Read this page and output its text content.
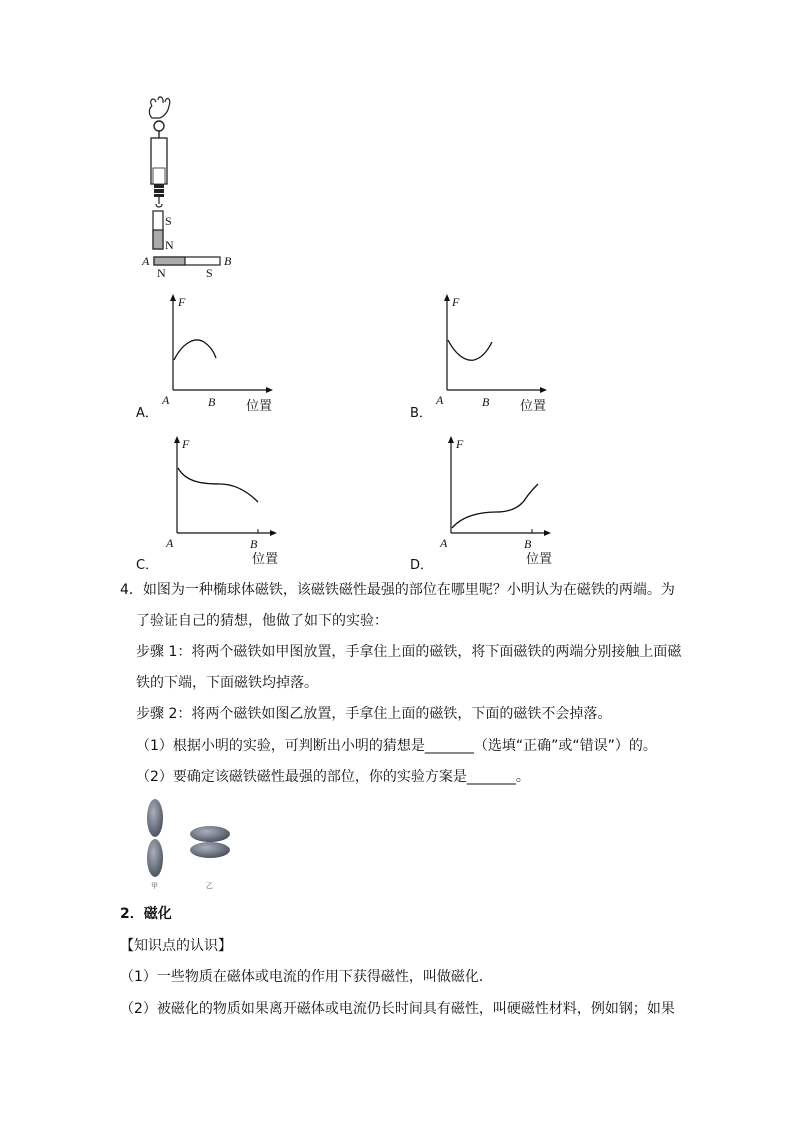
S
N
A	B
N	S
A．
F
A	B 位置	B．
F
A	B 位置
C．
F
A	B
位置	D．
F
A	B
位置
4．如图为一种椭球体磁铁，该磁铁磁性最强的部位在哪里呢？小明认为在磁铁的两端。为
了验证自己的猜想，他做了如下的实验：
步骤 1：将两个磁铁如甲图放置，手拿住上面的磁铁，将下面磁铁的两端分别接触上面磁
铁的下端，下面磁铁均掉落。
步骤 2：将两个磁铁如图乙放置，手拿住上面的磁铁，下面的磁铁不会掉落。
（1）根据小明的实验，可判断出小明的猜想是_______（选填“正确”或“错误”）的。
（2）要确定该磁铁磁性最强的部位，你的实验方案是_______。
甲	乙
2．磁化
【知识点的认识】
（1）一些物质在磁体或电流的作用下获得磁性，叫做磁化．
（2）被磁化的物质如果离开磁体或电流仍长时间具有磁性，叫硬磁性材料，例如钢；如果
